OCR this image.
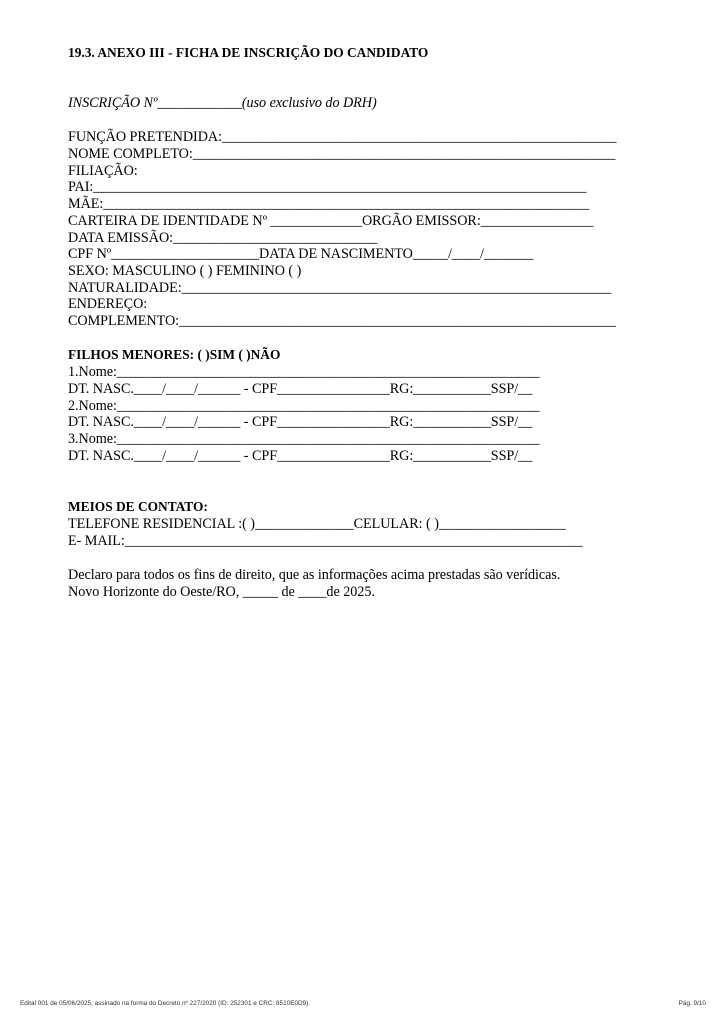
19.3. ANEXO III - FICHA DE INSCRIÇÃO DO CANDIDATO
INSCRIÇÃO Nº____________(uso exclusivo do DRH)
FUNÇÃO PRETENDIDA:________________________________________________________
NOME COMPLETO:____________________________________________________________
FILIAÇÃO:
PAI:______________________________________________________________________
MÃE:_____________________________________________________________________
CARTEIRA DE IDENTIDADE Nº _____________ORGÃO EMISSOR:________________
DATA EMISSÃO:_____________________________
CPF Nº_____________________DATA DE NASCIMENTO_____/____/_______
SEXO: MASCULINO ( ) FEMININO ( )
NATURALIDADE:_____________________________________________________________
ENDEREÇO:
COMPLEMENTO:______________________________________________________________
FILHOS MENORES: ( )SIM ( )NÃO
1.Nome:____________________________________________________________
DT. NASC.____/____/______ - CPF________________RG:___________SSP/__
2.Nome:____________________________________________________________
DT. NASC.____/____/______ - CPF________________RG:___________SSP/__
3.Nome:____________________________________________________________
DT. NASC.____/____/______ - CPF________________RG:___________SSP/__
MEIOS DE CONTATO:
TELEFONE RESIDENCIAL :( )______________CELULAR: ( )__________________
E- MAIL:_________________________________________________________________
Declaro para todos os fins de direito, que as informações acima prestadas são verídicas.
Novo Horizonte do Oeste/RO, _____ de ____de 2025.
Edital 001 de 05/06/2025, assinado na forma do Decreto nº 227/2020 (ID: 252301 e CRC: 8510E0D9).	Pág. 9/10
